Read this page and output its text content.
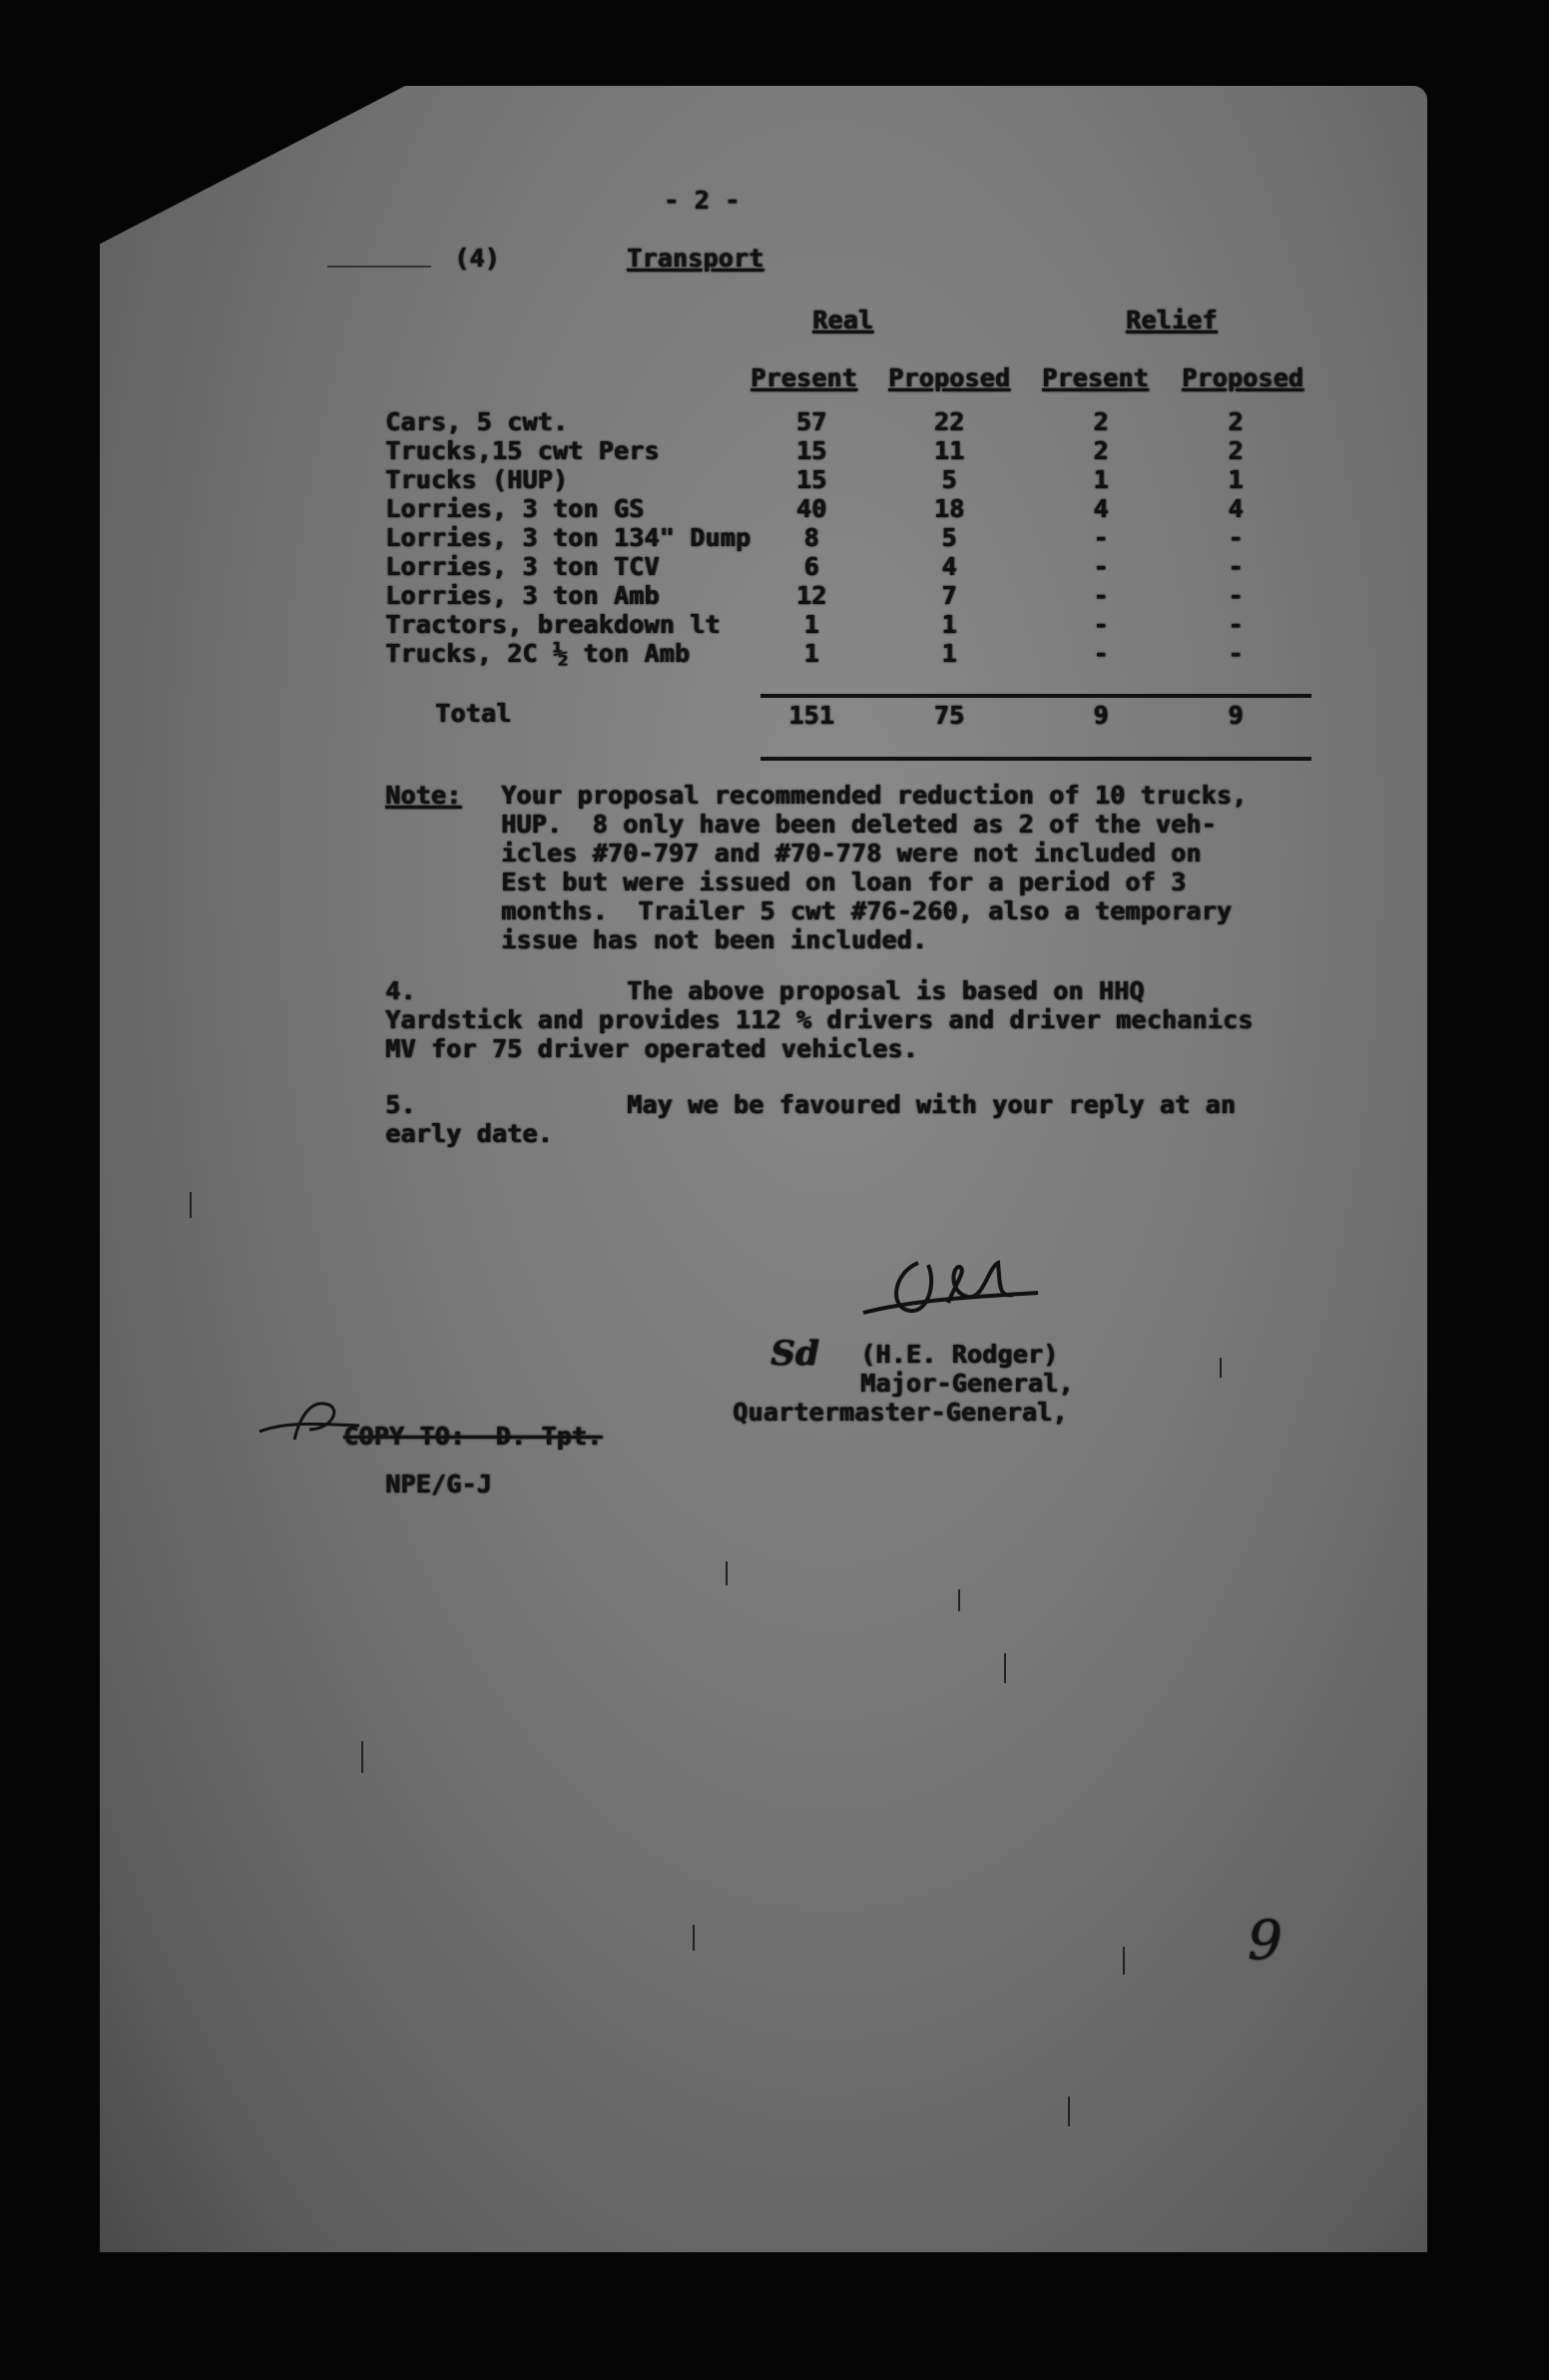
- 2 -
(4)	Transport
Real	Relief
Present Proposed Present Proposed
Cars, 5 cwt.	57	22	2	2
Trucks,15 cwt Pers	15	11	2	2
Trucks (HUP)	15	5	1	1
Lorries, 3 ton GS	40	18	4	4
Lorries, 3 ton 134" Dump	8	5	-	-
Lorries, 3 ton TCV	6	4	-	-
Lorries, 3 ton Amb	12	7	-	-
Tractors, breakdown lt	1	1	-	-
Trucks, 2C ½ ton Amb	1	1	-	-
Total	151	75	9	9
Note: Your proposal recommended reduction of 10 trucks,
HUP.  8 only have been deleted as 2 of the veh-
icles #70-797 and #70-778 were not included on
Est but were issued on loan for a period of 3
months.  Trailer 5 cwt #76-260, also a temporary
issue has not been included.
4.	The above proposal is based on HHQ
Yardstick and provides 112 % drivers and driver mechanics
MV for 75 driver operated vehicles.
5.	May we be favoured with your reply at an
early date.
Sd (H.E. Rodger)
Major-General,
Quartermaster-General,
COPY TO:  D. Tpt.
NPE/G-J
9
